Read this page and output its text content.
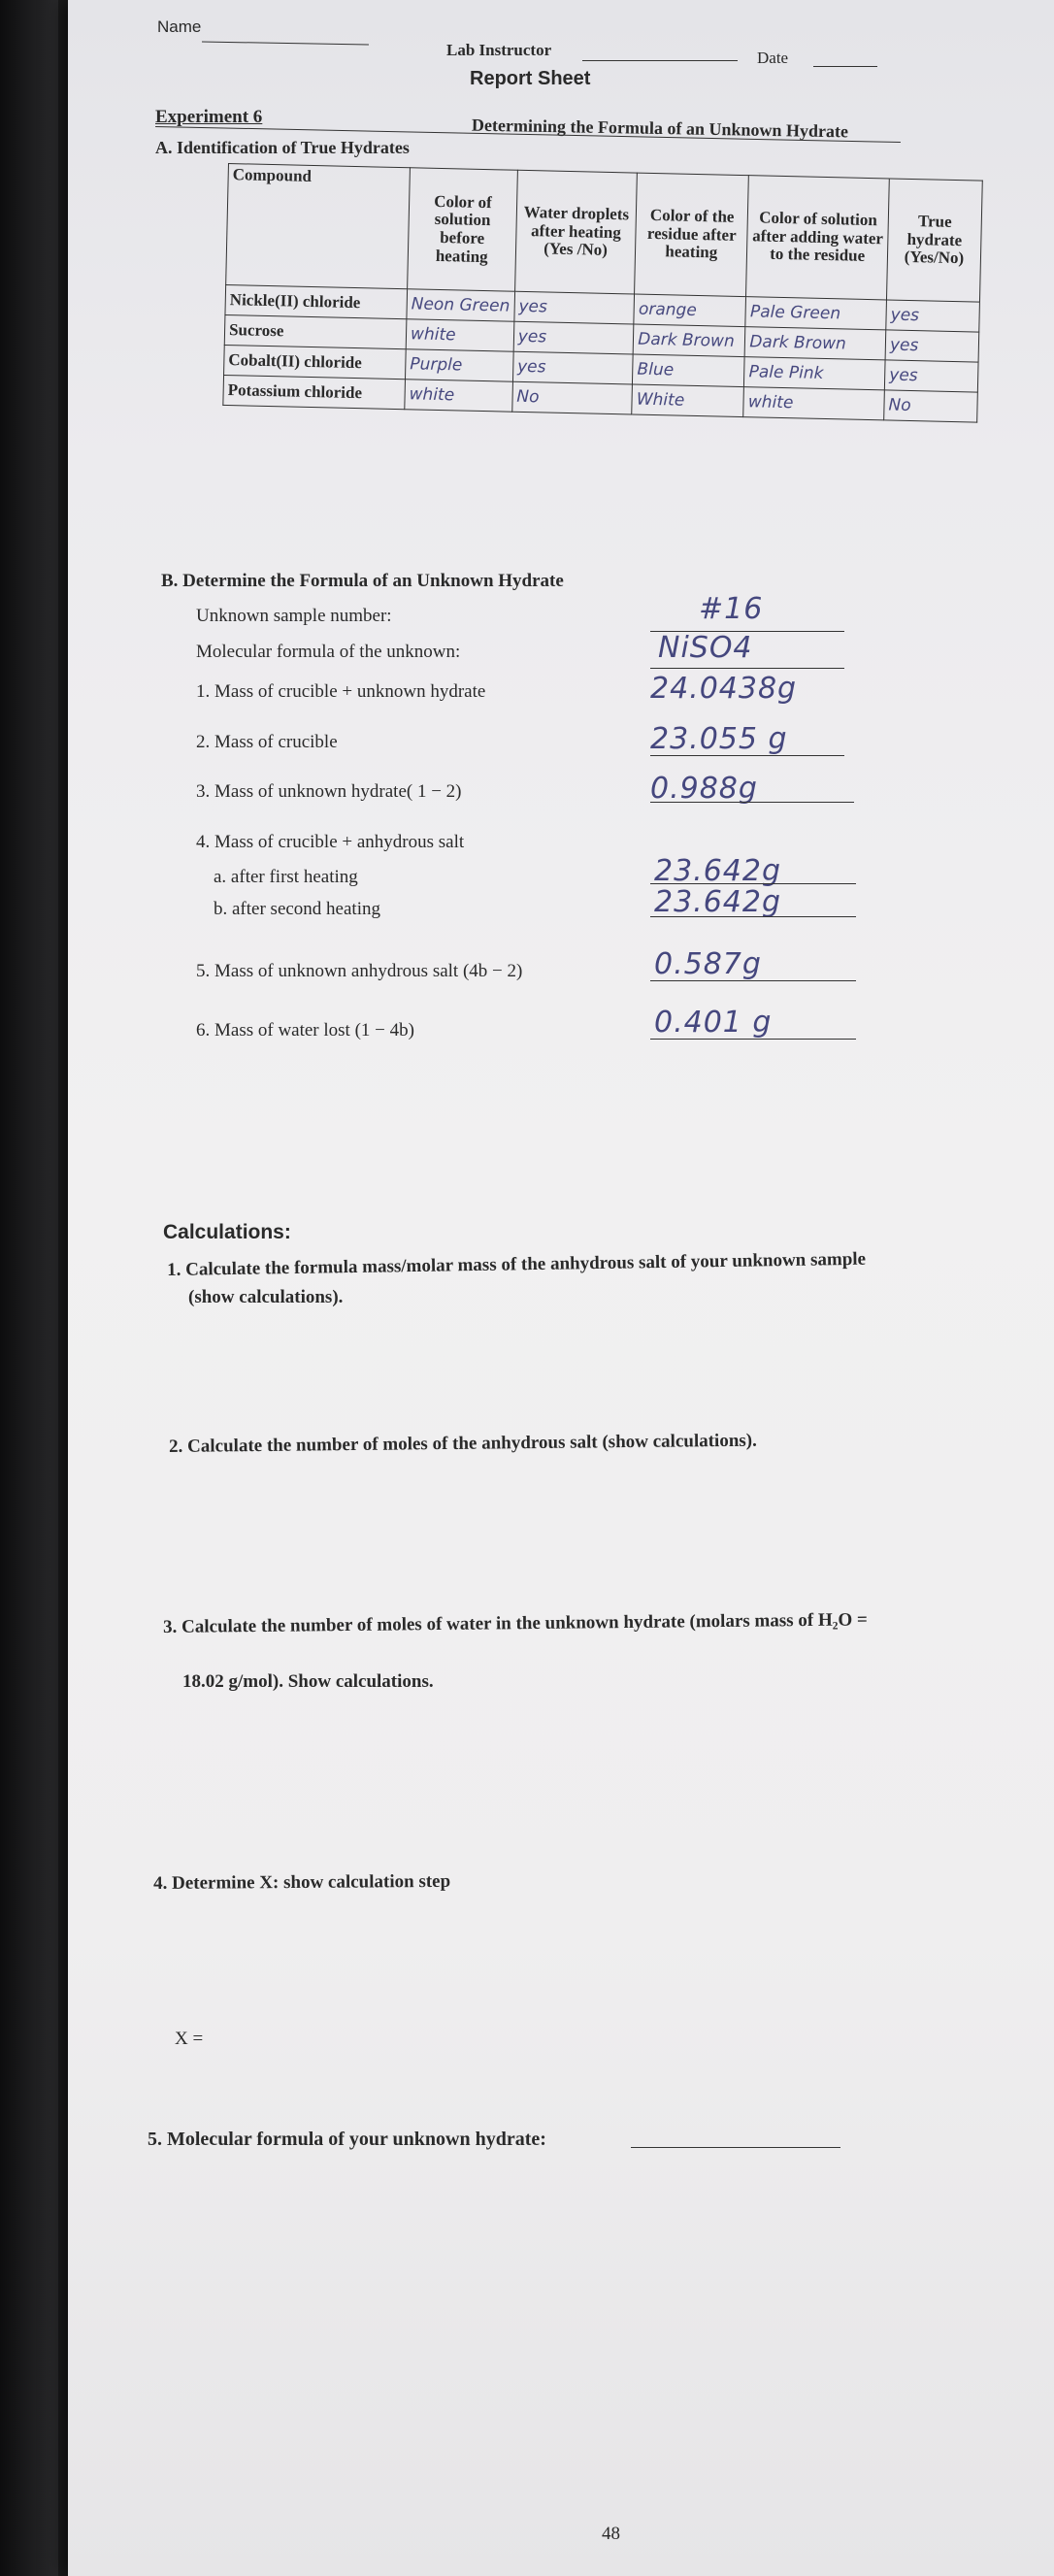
Name
Lab Instructor	Date
Report Sheet
Experiment 6	Determining the Formula of an Unknown Hydrate
A. Identification of True Hydrates
Compound	Color of solution before heating	Water droplets after heating (Yes /No)	Color of the residue after heating	Color of solution after adding water to the residue	True hydrate (Yes/No)
Nickle(II) chloride	Neon Green	yes	orange	Pale Green	yes
Sucrose	white	yes	Dark Brown	Dark Brown	yes
Cobalt(II) chloride	Purple	yes	Blue	Pale Pink	yes
Potassium chloride	white	No	White	white	No
B. Determine the Formula of an Unknown Hydrate
Unknown sample number:	#16
Molecular formula of the unknown:	NiSO4
1. Mass of crucible + unknown hydrate	24.0438g
2. Mass of crucible	23.055 g
3. Mass of unknown hydrate( 1 − 2)	0.988g
4. Mass of crucible + anhydrous salt
a. after first heating	23.642g
b. after second heating	23.642g
5. Mass of unknown anhydrous salt (4b − 2)	0.587g
6. Mass of water lost (1 − 4b)	0.401 g
Calculations:
1. Calculate the formula mass/molar mass of the anhydrous salt of your unknown sample
(show calculations).
2. Calculate the number of moles of the anhydrous salt (show calculations).
3. Calculate the number of moles of water in the unknown hydrate (molars mass of H₂O =
18.02 g/mol). Show calculations.
4. Determine X: show calculation step
X =
5. Molecular formula of your unknown hydrate:
48
